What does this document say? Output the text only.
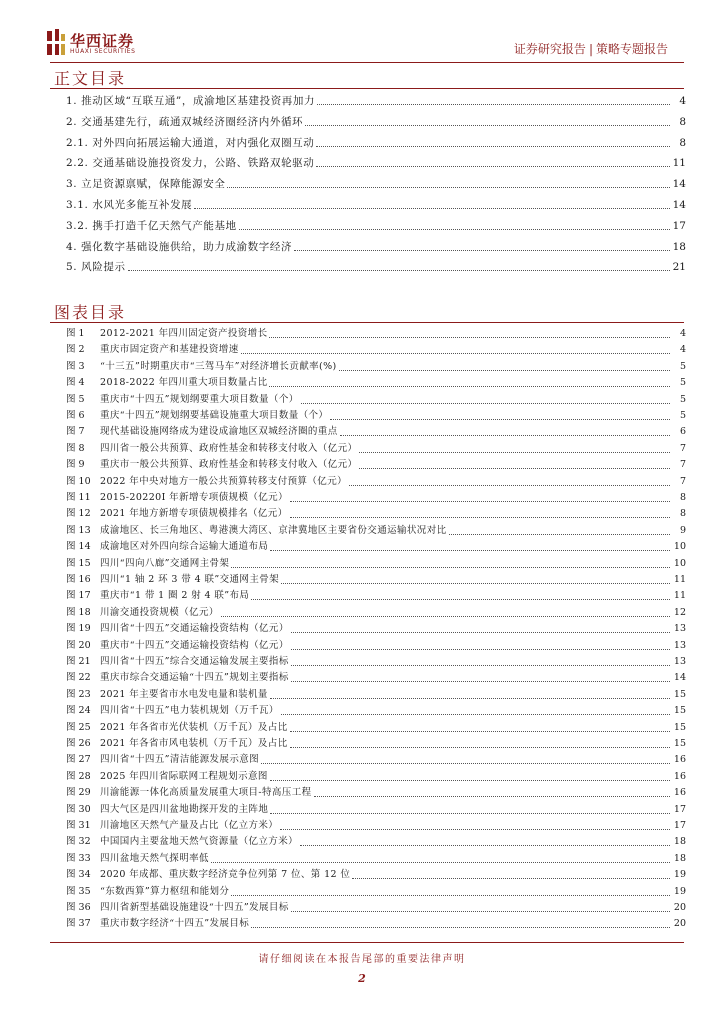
华西证券
HUAXI SECURITIES	证券研究报告 | 策略专题报告
正文目录
1. 推动区域“互联互通”，成渝地区基建投资再加力	4
2. 交通基建先行，疏通双城经济圈经济内外循环	8
2.1. 对外四向拓展运输大通道，对内强化双圈互动	8
2.2. 交通基础设施投资发力，公路、铁路双轮驱动	11
3. 立足资源禀赋，保障能源安全	14
3.1. 水风光多能互补发展	14
3.2. 携手打造千亿天然气产能基地	17
4. 强化数字基础设施供给，助力成渝数字经济	18
5. 风险提示	21
图表目录
图 1	2012-2021 年四川固定资产投资增长	4
图 2	重庆市固定资产和基建投资增速	4
图 3	“十三五”时期重庆市“三驾马车”对经济增长贡献率(%)	5
图 4	2018-2022 年四川重大项目数量占比	5
图 5	重庆市“十四五”规划纲要重大项目数量（个）	5
图 6	重庆“十四五”规划纲要基础设施重大项目数量（个）	5
图 7	现代基础设施网络成为建设成渝地区双城经济圈的重点	6
图 8	四川省一般公共预算、政府性基金和转移支付收入（亿元）	7
图 9	重庆市一般公共预算、政府性基金和转移支付收入（亿元）	7
图 10 2022 年中央对地方一般公共预算转移支付预算（亿元）	7
图 11 2015-20220I 年新增专项债规模（亿元）	8
图 12 2021 年地方新增专项债规模排名（亿元）	8
图 13 成渝地区、长三角地区、粤港澳大湾区、京津冀地区主要省份交通运输状况对比	9
图 14 成渝地区对外四向综合运输大通道布局	10
图 15 四川“四向八廊”交通网主骨架	10
图 16 四川“1 轴 2 环 3 带 4 联”交通网主骨架	11
图 17 重庆市“1 带 1 圈 2 射 4 联”布局	11
图 18 川渝交通投资规模（亿元）	12
图 19 四川省“十四五”交通运输投资结构（亿元）	13
图 20 重庆市“十四五”交通运输投资结构（亿元）	13
图 21 四川省“十四五”综合交通运输发展主要指标	13
图 22 重庆市综合交通运输“十四五”规划主要指标	14
图 23 2021 年主要省市水电发电量和装机量	15
图 24 四川省“十四五”电力装机规划（万千瓦）	15
图 25 2021 年各省市光伏装机（万千瓦）及占比	15
图 26 2021 年各省市风电装机（万千瓦）及占比	15
图 27 四川省“十四五”清洁能源发展示意图	16
图 28 2025 年四川省际联网工程规划示意图	16
图 29 川渝能源一体化高质量发展重大项目-特高压工程	16
图 30 四大气区是四川盆地勘探开发的主阵地	17
图 31 川渝地区天然气产量及占比（亿立方米）	17
图 32 中国国内主要盆地天然气资源量（亿立方米）	18
图 33 四川盆地天然气探明率低	18
图 34 2020 年成都、重庆数字经济竞争位列第 7 位、第 12 位	19
图 35 “东数西算”算力枢纽和能划分	19
图 36 四川省新型基础设施建设“十四五”发展目标	20
图 37 重庆市数字经济“十四五”发展目标	20
请仔细阅读在本报告尾部的重要法律声明
2
